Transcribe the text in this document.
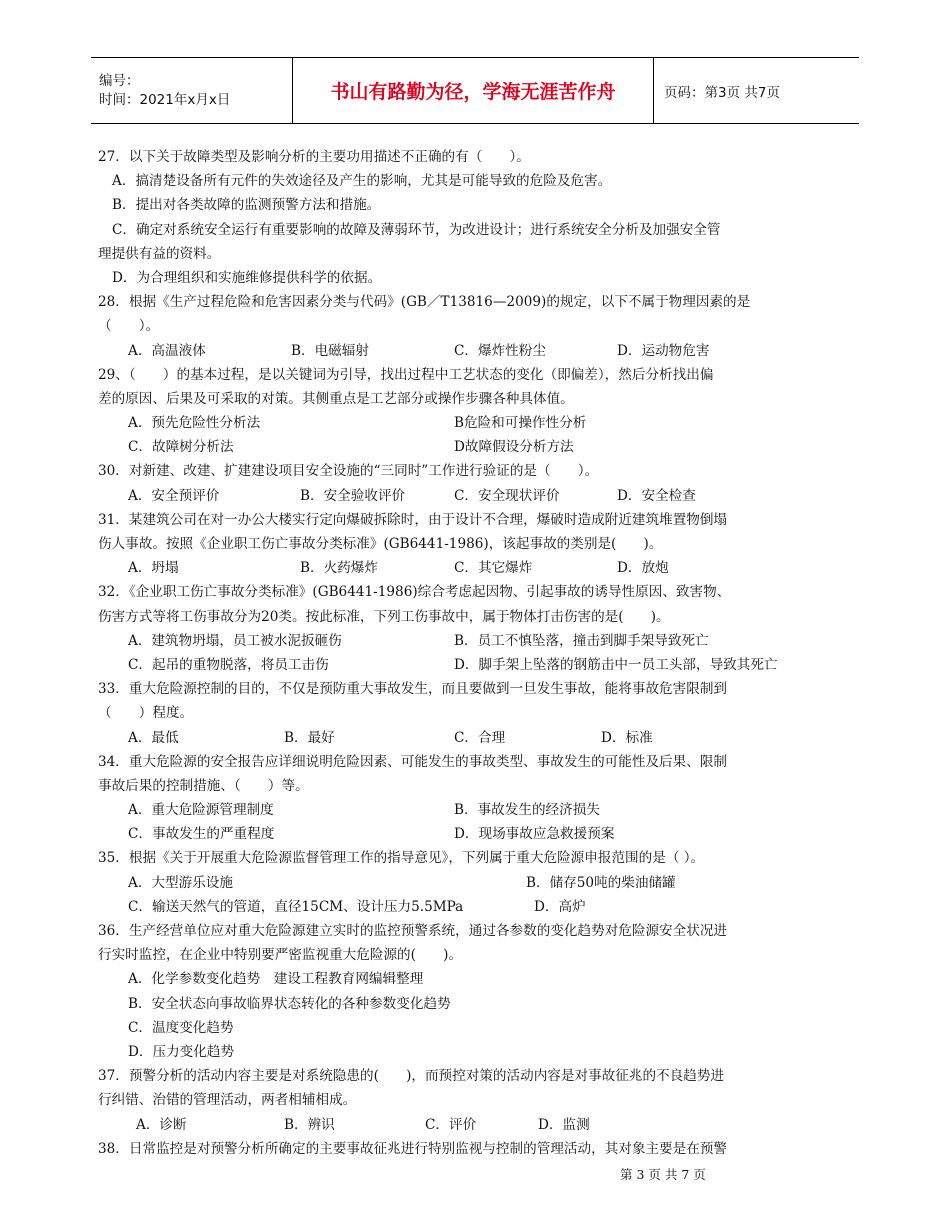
编号：
时间：2021年x月x日	书山有路勤为径，学海无涯苦作舟	页码：第3页 共7页
27．以下关于故障类型及影响分析的主要功用描述不正确的有（　　）。
A．搞清楚设备所有元件的失效途径及产生的影响，尤其是可能导致的危险及危害。
B．提出对各类故障的监测预警方法和措施。
C．确定对系统安全运行有重要影响的故障及薄弱环节，为改进设计；进行系统安全分析及加强安全管
理提供有益的资料。
D．为合理组织和实施维修提供科学的依据。
28．根据《生产过程危险和危害因素分类与代码》(GB／T13816—2009)的规定，以下不属于物理因素的是
（　　）。
A．高温液体	B．电磁辐射	C．爆炸性粉尘	D．运动物危害
29、（　　）的基本过程，是以关键词为引导，找出过程中工艺状态的变化（即偏差），然后分析找出偏
差的原因、后果及可采取的对策。其侧重点是工艺部分或操作步骤各种具体值。
A．预先危险性分析法	B危险和可操作性分析
C．故障树分析法	D故障假设分析方法
30．对新建、改建、扩建建设项目安全设施的“三同时”工作进行验证的是（　　）。
A．安全预评价	B．安全验收评价	C．安全现状评价	D．安全检查
31．某建筑公司在对一办公大楼实行定向爆破拆除时，由于设计不合理，爆破时造成附近建筑堆置物倒塌
伤人事故。按照《企业职工伤亡事故分类标准》(GB6441-1986)，该起事故的类别是(　　)。
A．坍塌	B．火药爆炸	C．其它爆炸	D．放炮
32．《企业职工伤亡事故分类标准》(GB6441-1986)综合考虑起因物、引起事故的诱导性原因、致害物、
伤害方式等将工伤事故分为20类。按此标准，下列工伤事故中，属于物体打击伤害的是(　　)。
A．建筑物坍塌，员工被水泥扳砸伤	B．员工不慎坠落，撞击到脚手架导致死亡
C．起吊的重物脱落，将员工击伤	D．脚手架上坠落的钢筋击中一员工头部，导致其死亡
33．重大危险源控制的目的，不仅是预防重大事故发生，而且要做到一旦发生事故，能将事故危害限制到
（　　）程度。
A．最低	B．最好	C．合理	D．标准
34．重大危险源的安全报告应详细说明危险因素、可能发生的事故类型、事故发生的可能性及后果、限制
事故后果的控制措施、（　　）等。
A．重大危险源管理制度	B．事故发生的经济损失
C．事故发生的严重程度	D．现场事故应急救援预案
35．根据《关于开展重大危险源监督管理工作的指导意见》，下列属于重大危险源申报范围的是（ ）。
A．大型游乐设施	B．储存50吨的柴油储罐
C．输送天然气的管道，直径15CM、设计压力5.5MPa	D．高炉
36．生产经营单位应对重大危险源建立实时的监控预警系统，通过各参数的变化趋势对危险源安全状况进
行实时监控，在企业中特别要严密监视重大危险源的(　　)。
A．化学参数变化趋势　建设工程教育网编辑整理
B．安全状态向事故临界状态转化的各种参数变化趋势
C．温度变化趋势
D．压力变化趋势
37．预警分析的活动内容主要是对系统隐患的(　　)，而预控对策的活动内容是对事故征兆的不良趋势进
行纠错、治错的管理活动，两者相辅相成。
A．诊断	B．辨识	C．评价	D．监测
38．日常监控是对预警分析所确定的主要事故征兆进行特别监视与控制的管理活动，其对象主要是在预警
第 3 页 共 7 页
